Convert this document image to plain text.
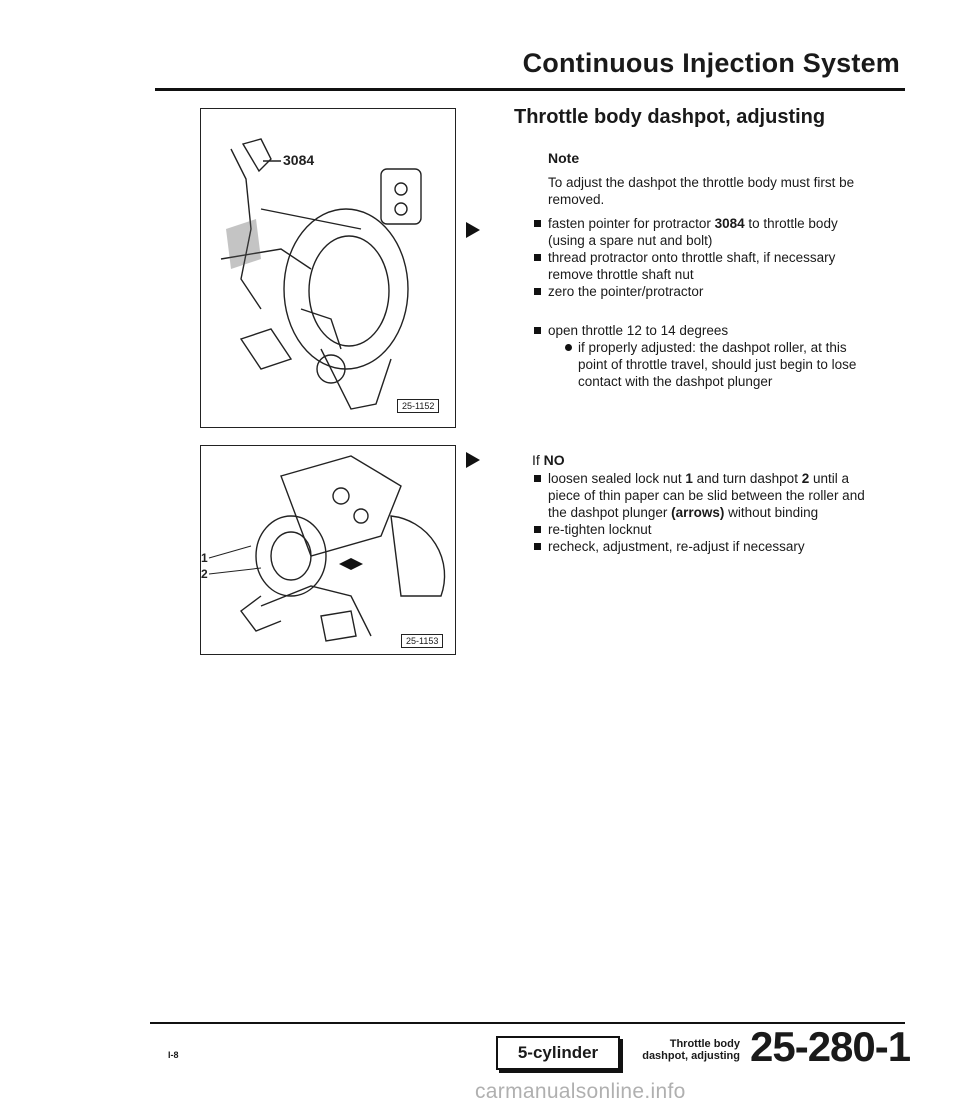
Continuous Injection System
3084
25-1152
1
2
25-1153
Throttle body dashpot, adjusting
Note
To adjust the dashpot the throttle body must first be removed.
fasten pointer for protractor 3084 to throttle body (using a spare nut and bolt)
thread protractor onto throttle shaft, if necessary remove throttle shaft nut
zero the pointer/protractor
open throttle 12 to 14 degrees
if properly adjusted: the dashpot roller, at this point of throttle travel, should just begin to lose contact with the dashpot plunger
If NO
loosen sealed lock nut 1 and turn dashpot 2 until a piece of thin paper can be slid between the roller and the dashpot plunger (arrows) without binding
re-tighten locknut
recheck, adjustment, re-adjust if necessary
I-8	5-cylinder	Throttle body
dashpot, adjusting 25-280-1
carmanualsonline.info
